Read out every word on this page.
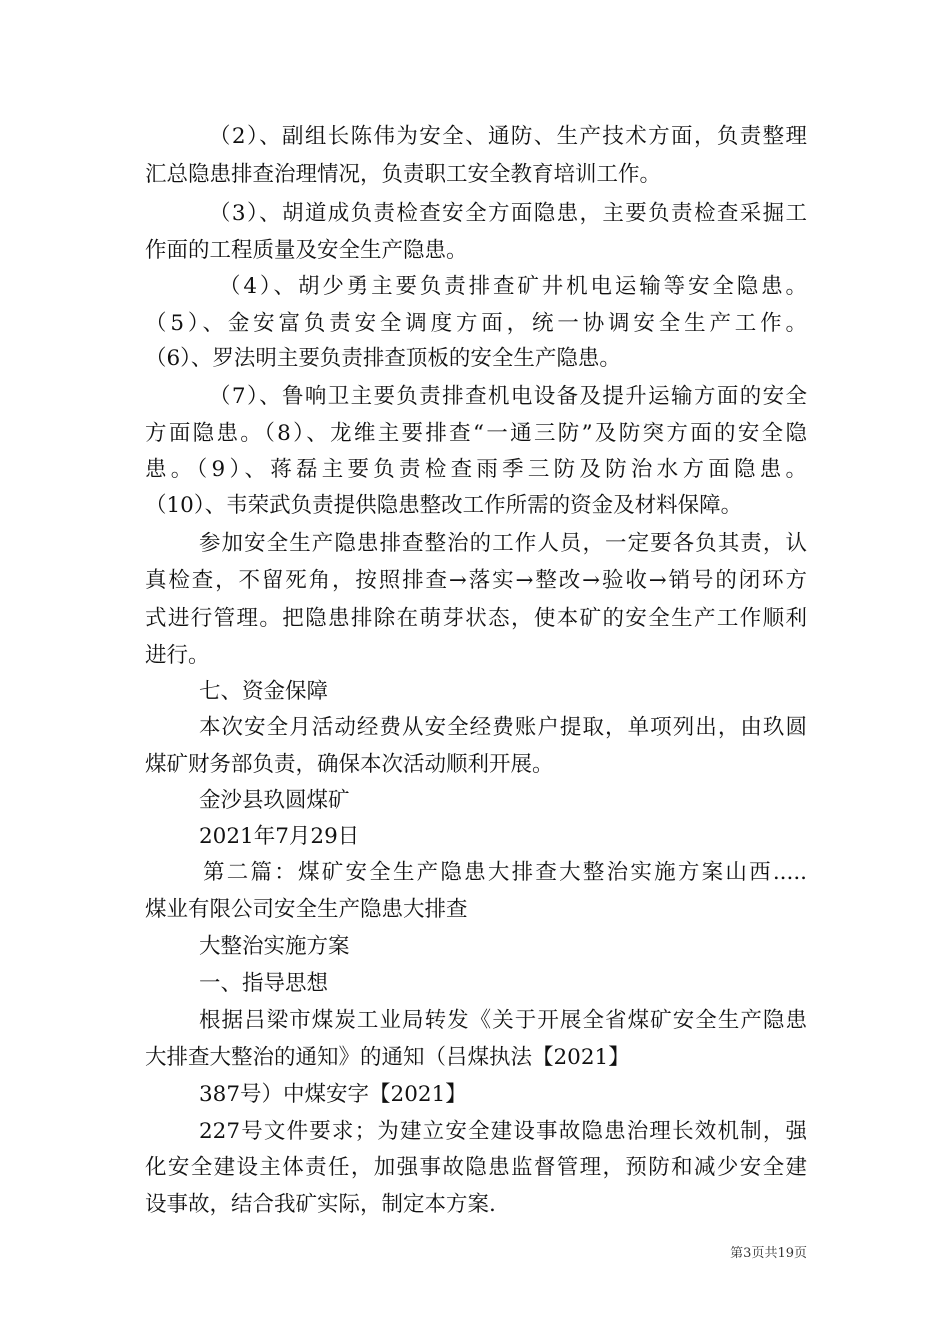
（2）、副组长陈伟为安全、通防、生产技术方面，负责整理
汇总隐患排查治理情况，负责职工安全教育培训工作。
（3）、胡道成负责检查安全方面隐患，主要负责检查采掘工
作面的工程质量及安全生产隐患。
（4）、胡少勇主要负责排查矿井机电运输等安全隐患。
（5）、金安富负责安全调度方面，统一协调安全生产工作。
（6）、罗法明主要负责排查顶板的安全生产隐患。
（7）、鲁响卫主要负责排查机电设备及提升运输方面的安全
方面隐患。（8）、龙维主要排查“一通三防”及防突方面的安全隐
患。（9）、蒋磊主要负责检查雨季三防及防治水方面隐患。
（10）、韦荣武负责提供隐患整改工作所需的资金及材料保障。
参加安全生产隐患排查整治的工作人员，一定要各负其责，认
真检查，不留死角，按照排查→落实→整改→验收→销号的闭环方
式进行管理。把隐患排除在萌芽状态，使本矿的安全生产工作顺利
进行。
七、资金保障
本次安全月活动经费从安全经费账户提取，单项列出，由玖圆
煤矿财务部负责，确保本次活动顺利开展。
金沙县玖圆煤矿
2021年7月29日
第二篇：煤矿安全生产隐患大排查大整治实施方案山西.....
煤业有限公司安全生产隐患大排查
大整治实施方案
一、指导思想
根据吕梁市煤炭工业局转发《关于开展全省煤矿安全生产隐患
大排查大整治的通知》的通知（吕煤执法【2021】
387号）中煤安字【2021】
227号文件要求；为建立安全建设事故隐患治理长效机制，强
化安全建设主体责任，加强事故隐患监督管理，预防和减少安全建
设事故，结合我矿实际，制定本方案.
第3页共19页
